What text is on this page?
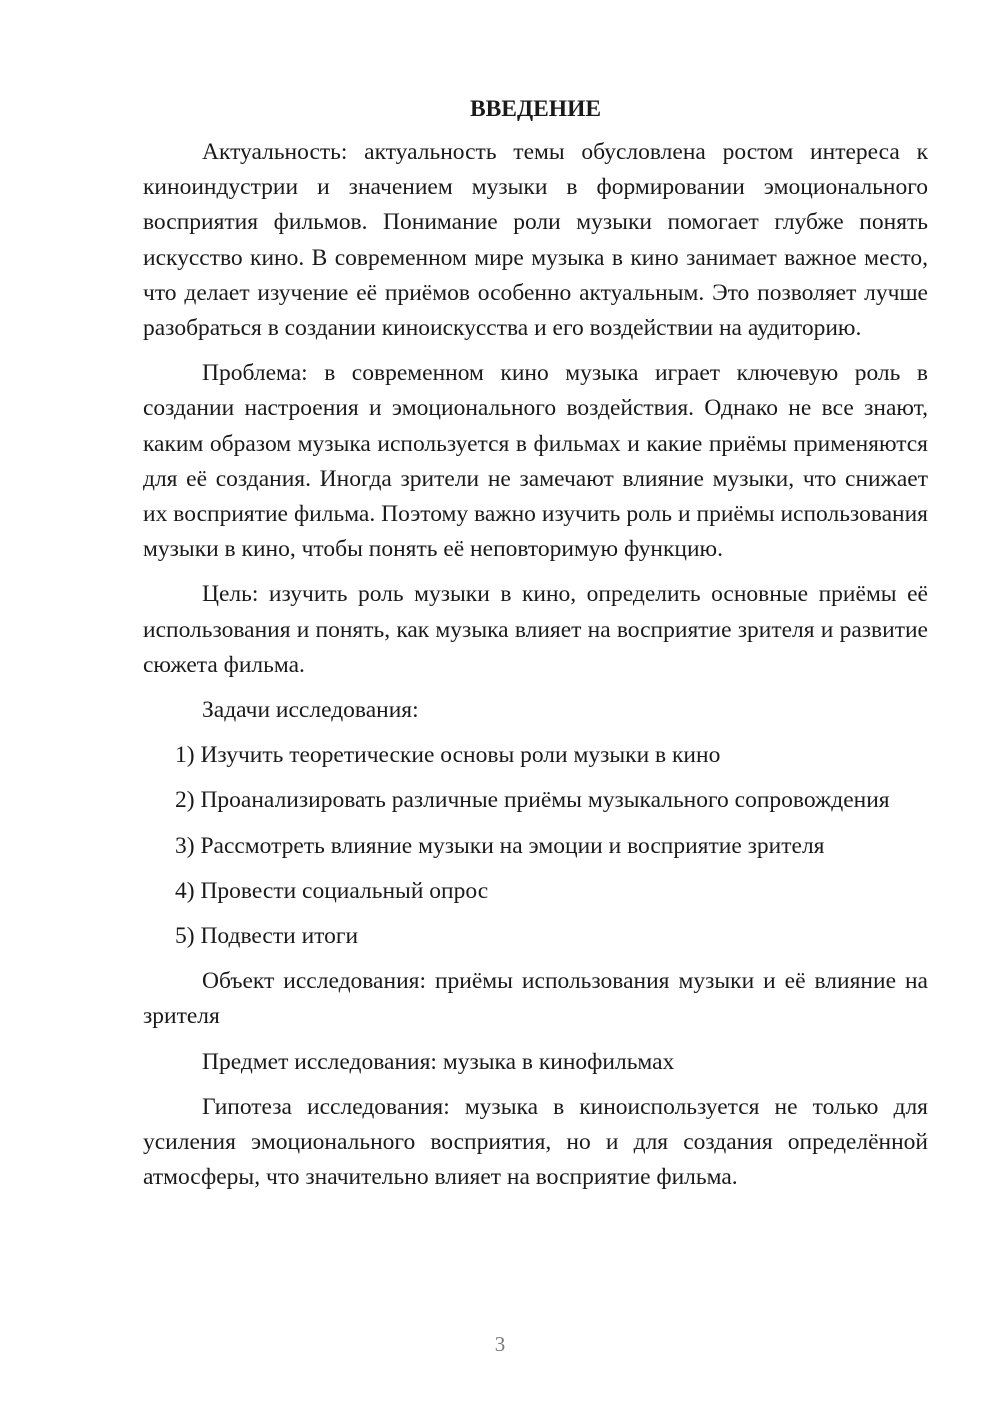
ВВЕДЕНИЕ

Актуальность: актуальность темы обусловлена ростом интереса к киноиндустрии и значением музыки в формировании эмоционального восприятия фильмов. Понимание роли музыки помогает глубже понять искусство кино. В современном мире музыка в кино занимает важное место, что делает изучение её приёмов особенно актуальным. Это позволяет лучше разобраться в создании киноискусства и его воздействии на аудиторию.

Проблема: в современном кино музыка играет ключевую роль в создании настроения и эмоционального воздействия. Однако не все знают, каким образом музыка используется в фильмах и какие приёмы применяются для её создания. Иногда зрители не замечают влияние музыки, что снижает их восприятие фильма. Поэтому важно изучить роль и приёмы использования музыки в кино, чтобы понять её неповторимую функцию.

Цель: изучить роль музыки в кино, определить основные приёмы её использования и понять, как музыка влияет на восприятие зрителя и развитие сюжета фильма.

Задачи исследования:

1) Изучить теоретические основы роли музыки в кино

2) Проанализировать различные приёмы музыкального сопровождения

3) Рассмотреть влияние музыки на эмоции и восприятие зрителя

4) Провести социальный опрос

5) Подвести итоги

Объект исследования: приёмы использования музыки и её влияние на зрителя

Предмет исследования: музыка в кинофильмах

Гипотеза исследования: музыка в киноиспользуется не только для усиления эмоционального восприятия, но и для создания определённой атмосферы, что значительно влияет на восприятие фильма.

3
